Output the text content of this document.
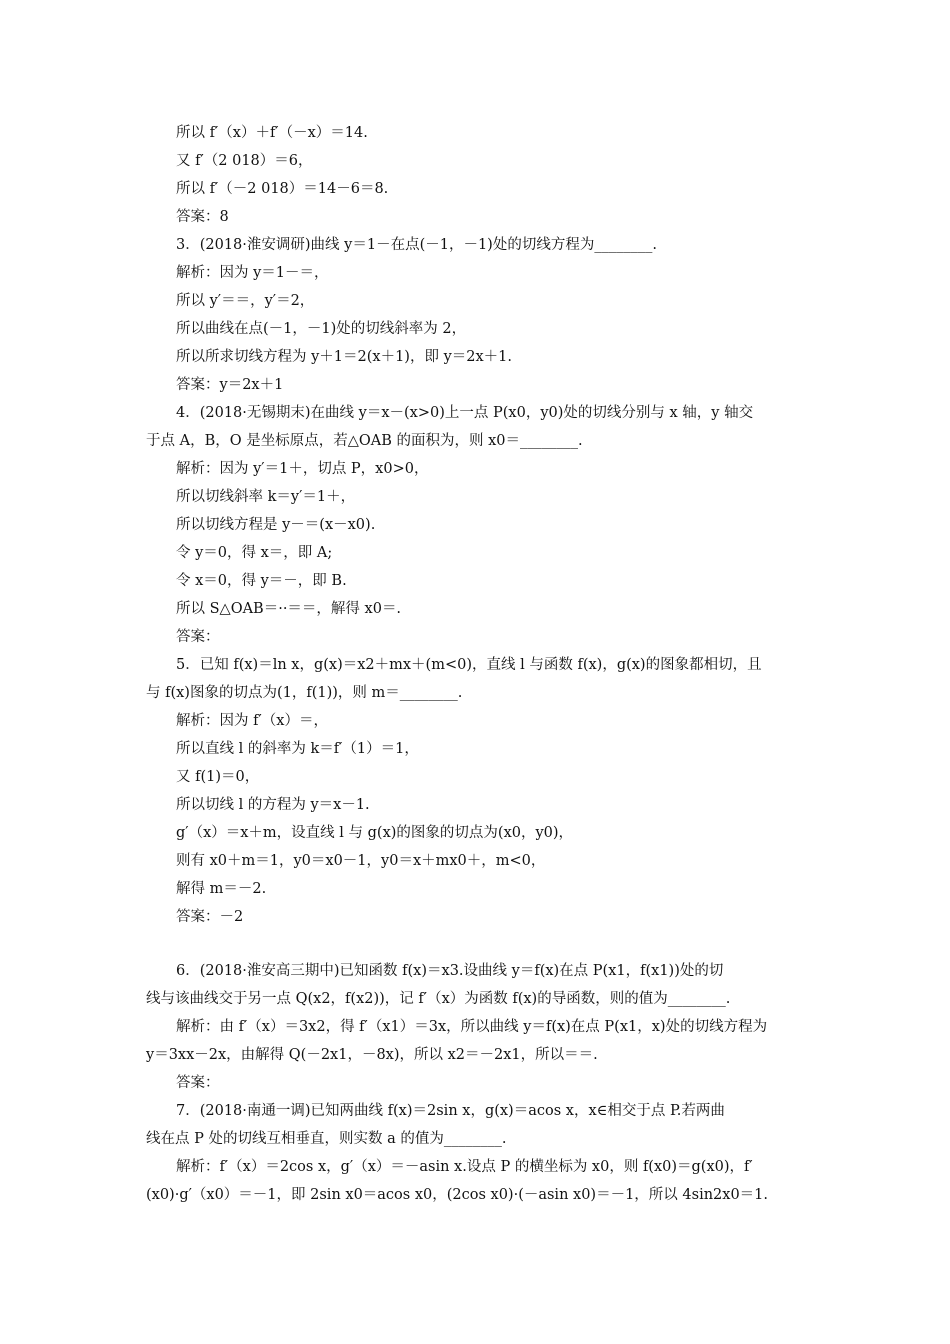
所以 f′（x）＋f′（－x）＝14.
又 f′（2 018）＝6，
所以 f′（－2 018）＝14－6＝8.
答案：8
3．(2018·淮安调研)曲线 y＝1－在点(－1，－1)处的切线方程为________.
解析：因为 y＝1－＝，
所以 y′＝＝，y′＝2，
所以曲线在点(－1，－1)处的切线斜率为 2，
所以所求切线方程为 y＋1＝2(x＋1)，即 y＝2x＋1.
答案：y＝2x＋1
4．(2018·无锡期末)在曲线 y＝x－(x>0)上一点 P(x0，y0)处的切线分别与 x 轴，y 轴交
于点 A，B，O 是坐标原点，若△OAB 的面积为，则 x0＝________.
解析：因为 y′＝1＋，切点 P，x0>0，
所以切线斜率 k＝y′＝1＋，
所以切线方程是 y－＝(x－x0).
令 y＝0，得 x＝，即 A;
令 x＝0，得 y＝－，即 B.
所以 S△OAB＝··＝＝，解得 x0＝.
答案：
5．已知 f(x)＝ln x，g(x)＝x2＋mx＋(m<0)，直线 l 与函数 f(x)，g(x)的图象都相切，且
与 f(x)图象的切点为(1，f(1))，则 m＝________.
解析：因为 f′（x）＝，
所以直线 l 的斜率为 k＝f′（1）＝1，
又 f(1)＝0，
所以切线 l 的方程为 y＝x－1.
g′（x）＝x＋m，设直线 l 与 g(x)的图象的切点为(x0，y0)，
则有 x0＋m＝1，y0＝x0－1，y0＝x＋mx0＋，m<0，
解得 m＝－2.
答案：－2
6．(2018·淮安高三期中)已知函数 f(x)＝x3.设曲线 y＝f(x)在点 P(x1，f(x1))处的切
线与该曲线交于另一点 Q(x2，f(x2))，记 f′（x）为函数 f(x)的导函数，则的值为________.
解析：由 f′（x）＝3x2，得 f′（x1）＝3x，所以曲线 y＝f(x)在点 P(x1，x)处的切线方程为
y＝3xx－2x，由解得 Q(－2x1，－8x)，所以 x2＝－2x1，所以＝＝.
答案：
7．(2018·南通一调)已知两曲线 f(x)＝2sin x，g(x)＝acos x，x∈相交于点 P.若两曲
线在点 P 处的切线互相垂直，则实数 a 的值为________.
解析：f′（x）＝2cos x，g′（x）＝－asin x.设点 P 的横坐标为 x0，则 f(x0)＝g(x0)，f′
(x0)·g′（x0）＝－1，即 2sin x0＝acos x0，(2cos x0)·(－asin x0)＝－1，所以 4sin2x0＝1.
